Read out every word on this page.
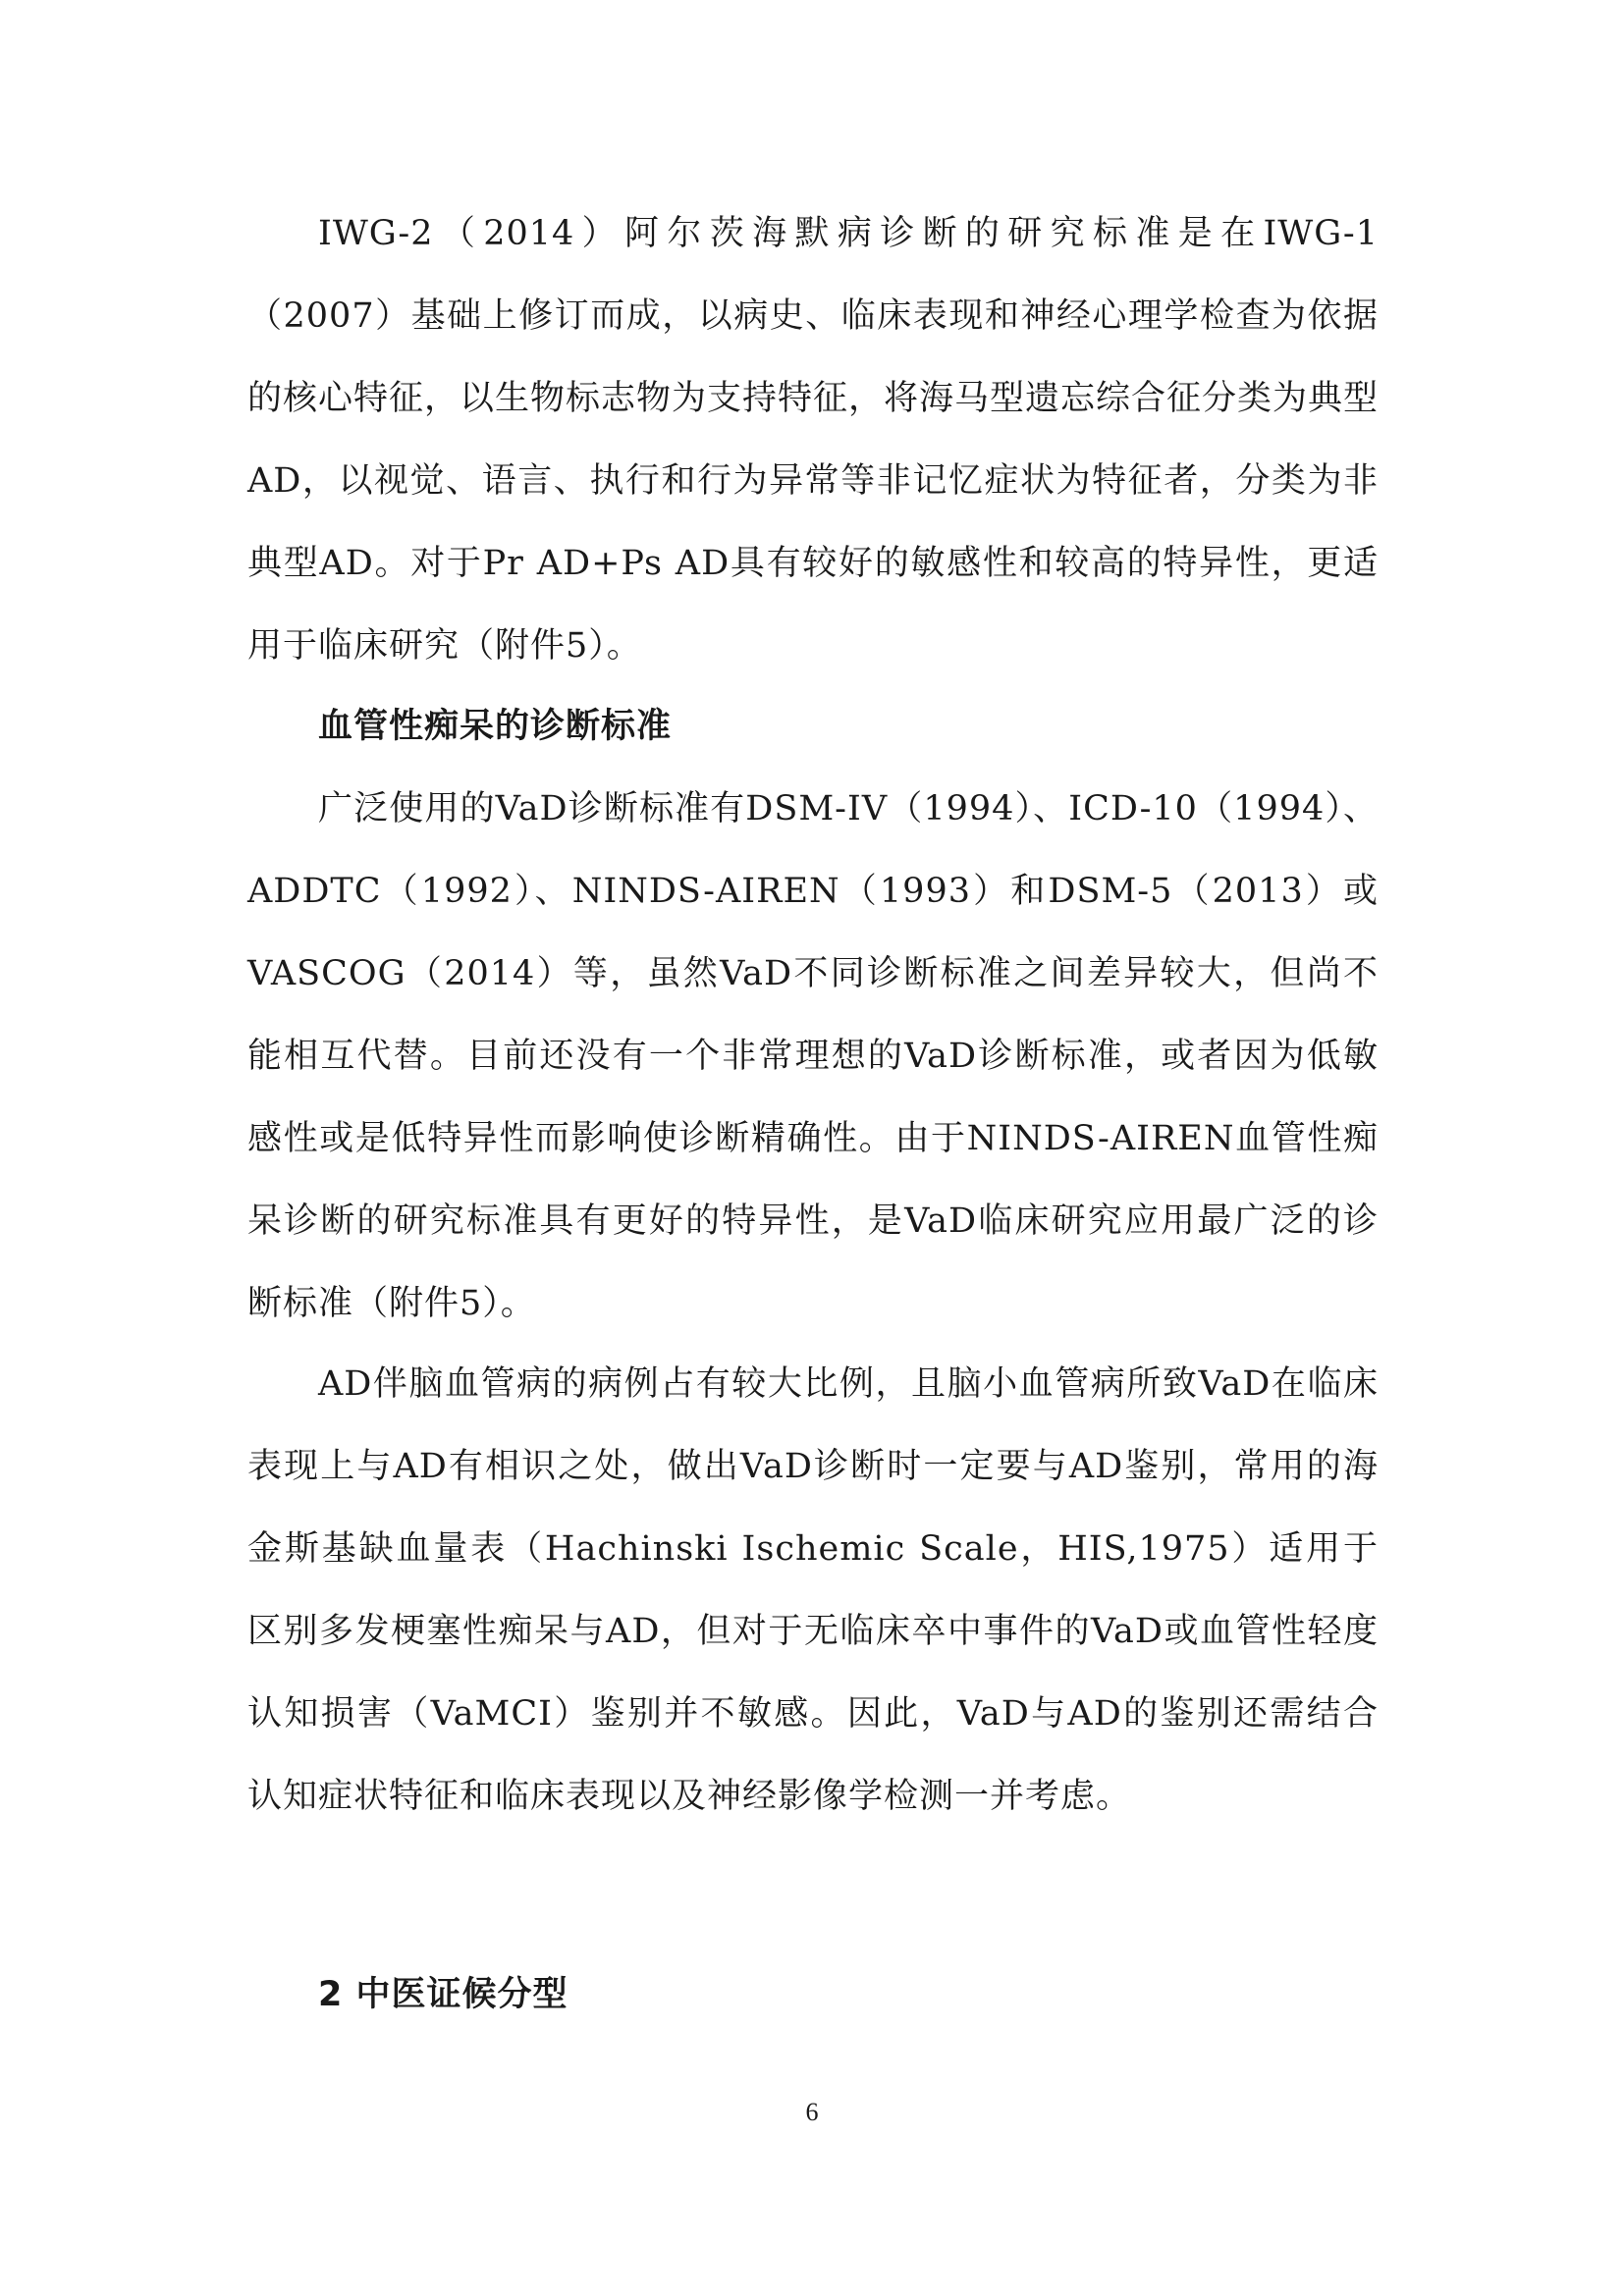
IWG-2（2014）阿尔茨海默病诊断的研究标准是在IWG-1（2007）基础上修订而成，以病史、临床表现和神经心理学检查为依据的核心特征，以生物标志物为支持特征，将海马型遗忘综合征分类为典型AD，以视觉、语言、执行和行为异常等非记忆症状为特征者，分类为非典型AD。对于Pr AD+Ps AD具有较好的敏感性和较高的特异性，更适用于临床研究（附件5）。

血管性痴呆的诊断标准

广泛使用的VaD诊断标准有DSM-IV（1994）、ICD-10（1994）、ADDTC（1992）、NINDS-AIREN（1993）和DSM-5（2013）或VASCOG（2014）等，虽然VaD不同诊断标准之间差异较大，但尚不能相互代替。目前还没有一个非常理想的VaD诊断标准，或者因为低敏感性或是低特异性而影响使诊断精确性。由于NINDS-AIREN血管性痴呆诊断的研究标准具有更好的特异性，是VaD临床研究应用最广泛的诊断标准（附件5）。

AD伴脑血管病的病例占有较大比例，且脑小血管病所致VaD在临床表现上与AD有相识之处，做出VaD诊断时一定要与AD鉴别，常用的海金斯基缺血量表（Hachinski Ischemic Scale，HIS,1975）适用于区别多发梗塞性痴呆与AD，但对于无临床卒中事件的VaD或血管性轻度认知损害（VaMCI）鉴别并不敏感。因此，VaD与AD的鉴别还需结合认知症状特征和临床表现以及神经影像学检测一并考虑。

2 中医证候分型
6
